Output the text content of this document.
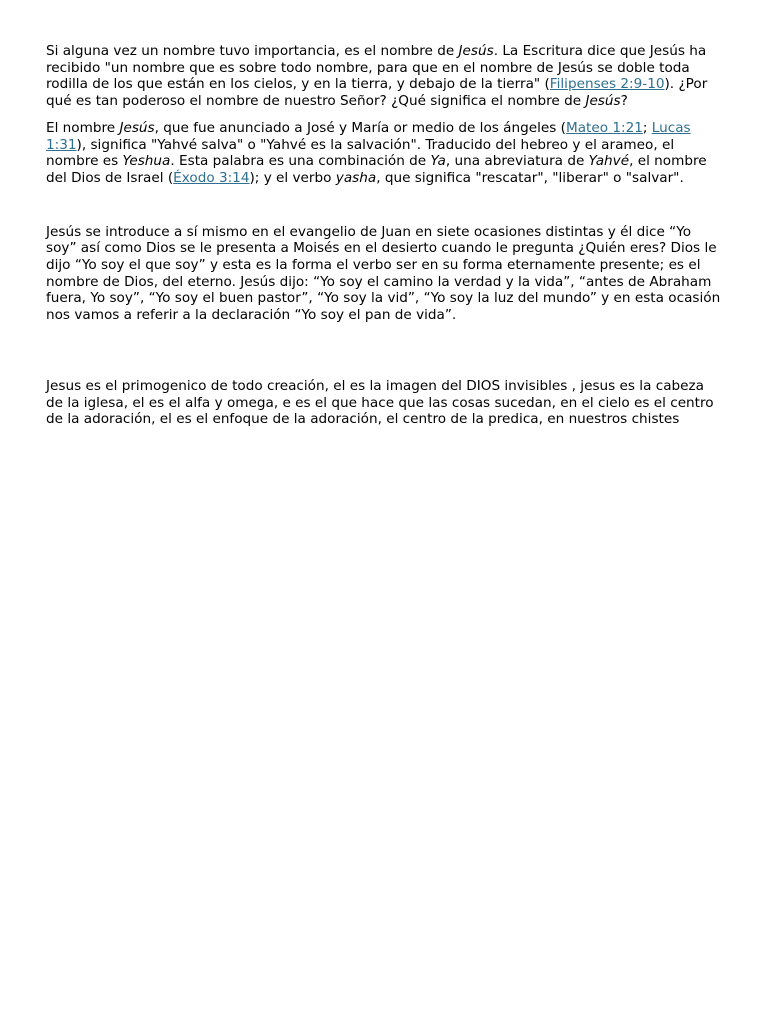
Si alguna vez un nombre tuvo importancia, es el nombre de Jesús. La Escritura dice que Jesús ha recibido "un nombre que es sobre todo nombre, para que en el nombre de Jesús se doble toda rodilla de los que están en los cielos, y en la tierra, y debajo de la tierra" (Filipenses 2:9-10). ¿Por qué es tan poderoso el nombre de nuestro Señor? ¿Qué significa el nombre de Jesús?

El nombre Jesús, que fue anunciado a José y María or medio de los ángeles (Mateo 1:21; Lucas 1:31), significa "Yahvé salva" o "Yahvé es la salvación". Traducido del hebreo y el arameo, el nombre es Yeshua. Esta palabra es una combinación de Ya, una abreviatura de Yahvé, el nombre del Dios de Israel (Éxodo 3:14); y el verbo yasha, que significa "rescatar", "liberar" o "salvar".

Jesús se introduce a sí mismo en el evangelio de Juan en siete ocasiones distintas y él dice “Yo soy” así como Dios se le presenta a Moisés en el desierto cuando le pregunta ¿Quién eres? Dios le dijo “Yo soy el que soy” y esta es la forma el verbo ser en su forma eternamente presente; es el nombre de Dios, del eterno. Jesús dijo: “Yo soy el camino la verdad y la vida”, “antes de Abraham fuera, Yo soy”, “Yo soy el buen pastor”, “Yo soy la vid”, “Yo soy la luz del mundo” y en esta ocasión nos vamos a referir a la declaración “Yo soy el pan de vida”.

Jesus es el primogenico de todo creación, el es la imagen del DIOS invisibles , jesus es la cabeza de la iglesa, el es el alfa y omega, e es el que hace que las cosas sucedan, en el cielo es el centro de la adoración, el es el enfoque de la adoración, el centro de la predica, en nuestros chistes
